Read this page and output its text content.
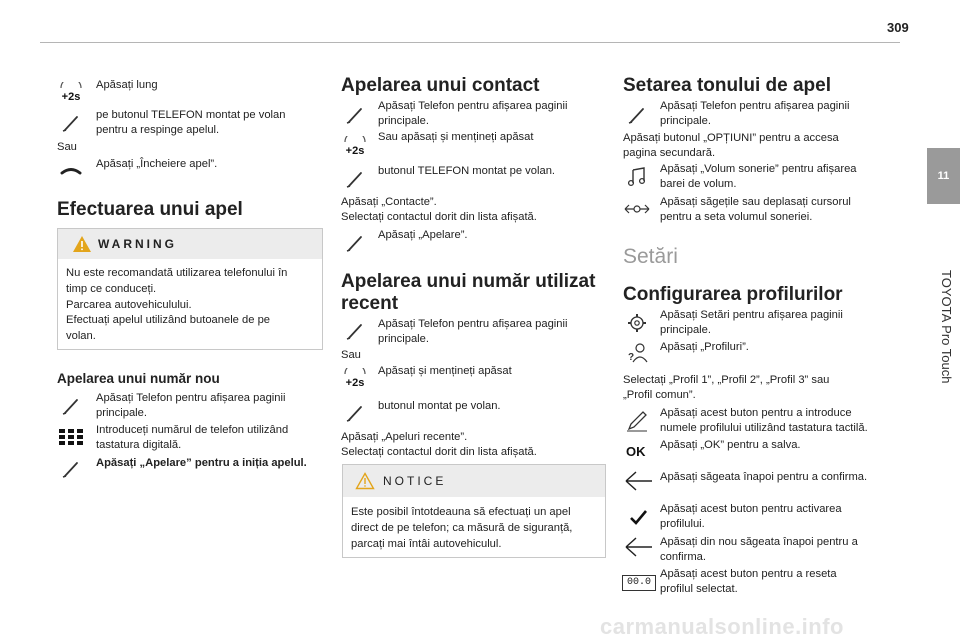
309
11
TOYOTA Pro Touch
+2s
Apăsați lung
pe butonul TELEFON montat pe volan
pentru a respinge apelul.
Sau
Apăsați „Încheiere apel”.
Efectuarea unui apel
WARNING
Nu este recomandată utilizarea telefonului în
timp ce conduceți.
Parcarea autovehiculului.
Efectuați apelul utilizând butoanele de pe
volan.
Apelarea unui număr nou
Apăsați Telefon pentru afișarea paginii
principale.
Introduceți numărul de telefon utilizând
tastatura digitală.
Apăsați „Apelare” pentru a iniția apelul.
Apelarea unui contact
Apăsați Telefon pentru afișarea paginii
principale.
+2s
Sau apăsați și mențineți apăsat
butonul TELEFON montat pe volan.
Apăsați „Contacte”.
Selectați contactul dorit din lista afișată.
Apăsați „Apelare”.
Apelarea unui număr utilizat
recent
Apăsați Telefon pentru afișarea paginii
principale.
Sau
+2s
Apăsați și mențineți apăsat
butonul montat pe volan.
Apăsați „Apeluri recente”.
Selectați contactul dorit din lista afișată.
NOTICE
Este posibil întotdeauna să efectuați un apel
direct de pe telefon; ca măsură de siguranță,
parcați mai întâi autovehiculul.
Setarea tonului de apel
Apăsați Telefon pentru afișarea paginii
principale.
Apăsați butonul „OPȚIUNI” pentru a accesa
pagina secundară.
Apăsați „Volum sonerie” pentru afișarea
barei de volum.
Apăsați săgețile sau deplasați cursorul
pentru a seta volumul soneriei.
Setări
Configurarea profilurilor
Apăsați Setări pentru afișarea paginii
principale.
?
Apăsați „Profiluri”.
Selectați „Profil 1”, „Profil 2”, „Profil 3” sau
„Profil comun”.
Apăsați acest buton pentru a introduce
numele profilului utilizând tastatura tactilă.
OK Apăsați „OK” pentru a salva.
Apăsați săgeata înapoi pentru a confirma.
Apăsați acest buton pentru activarea
profilului.
Apăsați din nou săgeata înapoi pentru a
confirma.
00.0
Apăsați acest buton pentru a reseta
profilul selectat.
carmanualsonline.info
